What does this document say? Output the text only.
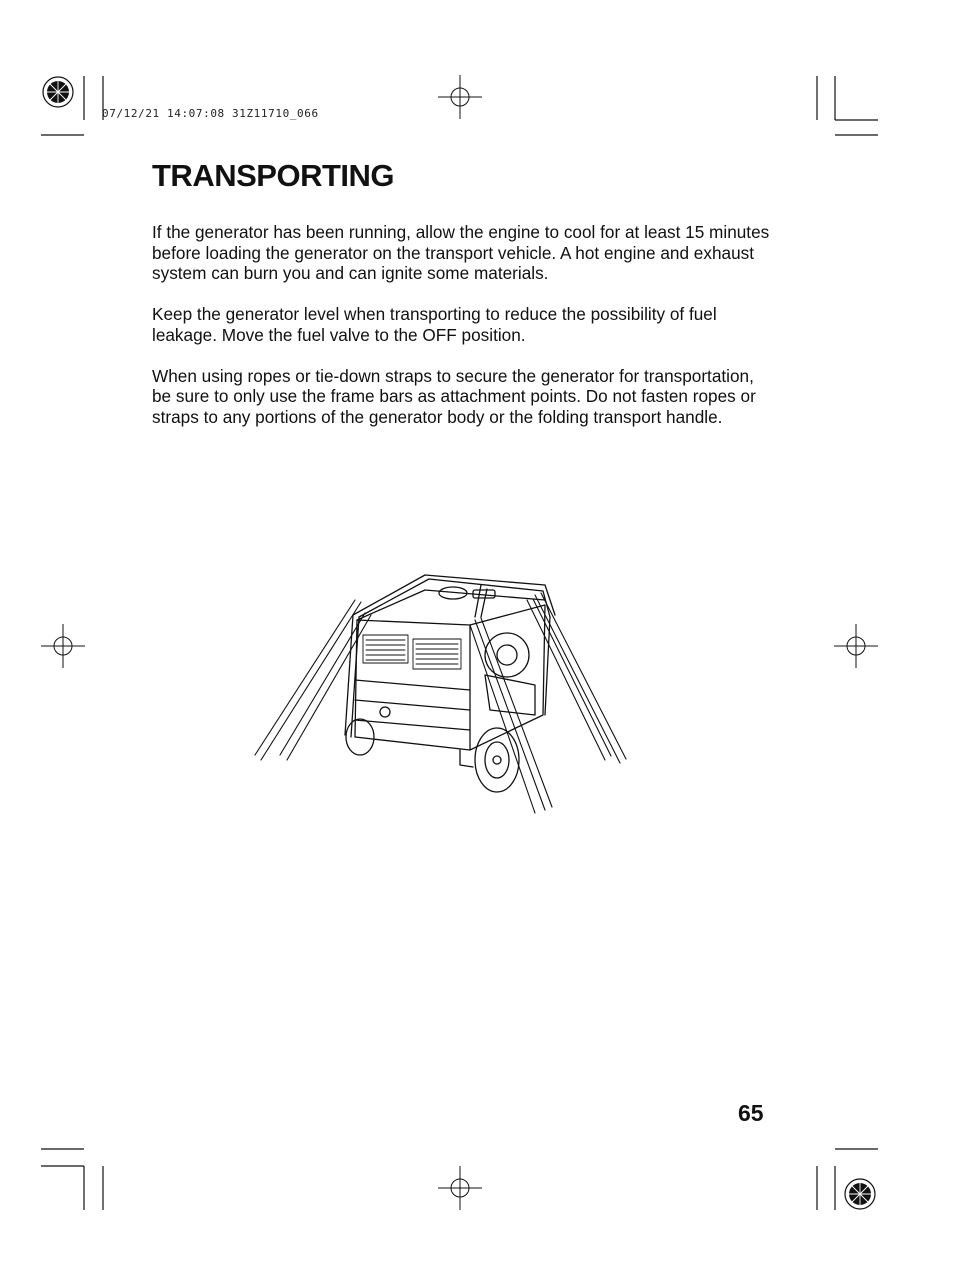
07/12/21 14:07:08 31Z11710_066
TRANSPORTING

If the generator has been running, allow the engine to cool for at least 15 minutes before loading the generator on the transport vehicle. A hot engine and exhaust system can burn you and can ignite some materials.

Keep the generator level when transporting to reduce the possibility of fuel leakage. Move the fuel valve to the OFF position.

When using ropes or tie-down straps to secure the generator for transportation, be sure to only use the frame bars as attachment points. Do not fasten ropes or straps to any portions of the generator body or the folding transport handle.

65
